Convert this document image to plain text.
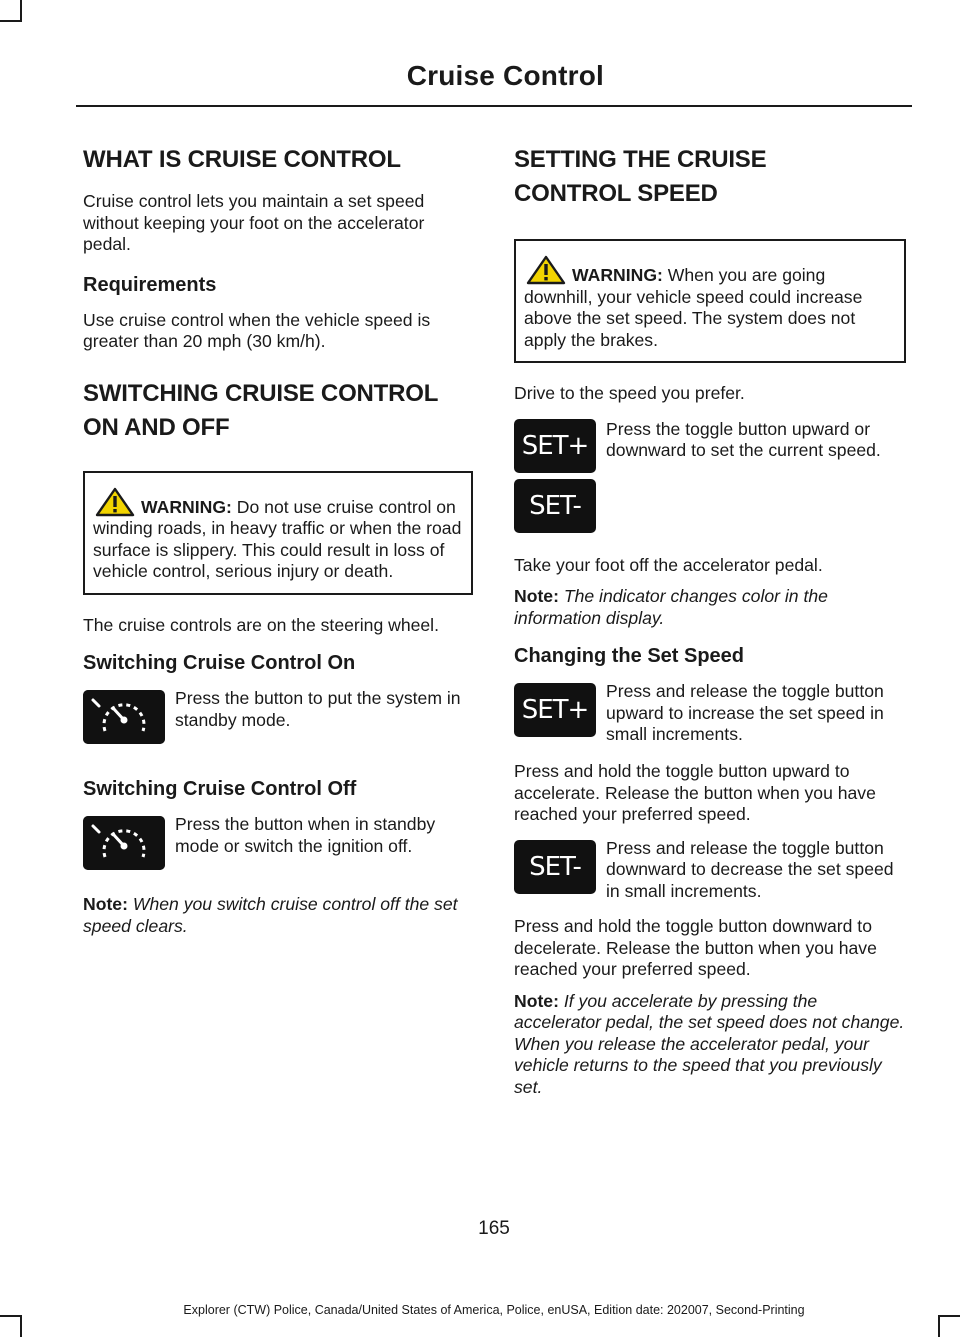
Cruise Control
WHAT IS CRUISE CONTROL

Cruise control lets you maintain a set speed without keeping your foot on the accelerator pedal.

Requirements

Use cruise control when the vehicle speed is greater than 20 mph (30 km/h).

SWITCHING CRUISE CONTROL
ON AND OFF
WARNING: Do not use cruise control on winding roads, in heavy traffic or when the road surface is slippery. This could result in loss of vehicle control, serious injury or death.

The cruise controls are on the steering wheel.

Switching Cruise Control On
Press the button to put the system in standby mode.
Switching Cruise Control Off
Press the button when in standby mode or switch the ignition off.

Note: When you switch cruise control off the set speed clears.

SETTING THE CRUISE
CONTROL SPEED
WARNING: When you are going downhill, your vehicle speed could increase above the set speed. The system does not apply the brakes.

Drive to the speed you prefer.

SET+
SET-
Press the toggle button upward or downward to set the current speed.

Take your foot off the accelerator pedal.

Note: The indicator changes color in the information display.

Changing the Set Speed
SET+
Press and release the toggle button upward to increase the set speed in small increments.

Press and hold the toggle button upward to accelerate. Release the button when you have reached your preferred speed.

SET-

Press and release the toggle button downward to decrease the set speed in small increments.

Press and hold the toggle button downward to decelerate. Release the button when you have reached your preferred speed.

Note: If you accelerate by pressing the accelerator pedal, the set speed does not change. When you release the accelerator pedal, your vehicle returns to the speed that you previously set.

165
Explorer (CTW) Police, Canada/United States of America, Police, enUSA, Edition date: 202007, Second-Printing
